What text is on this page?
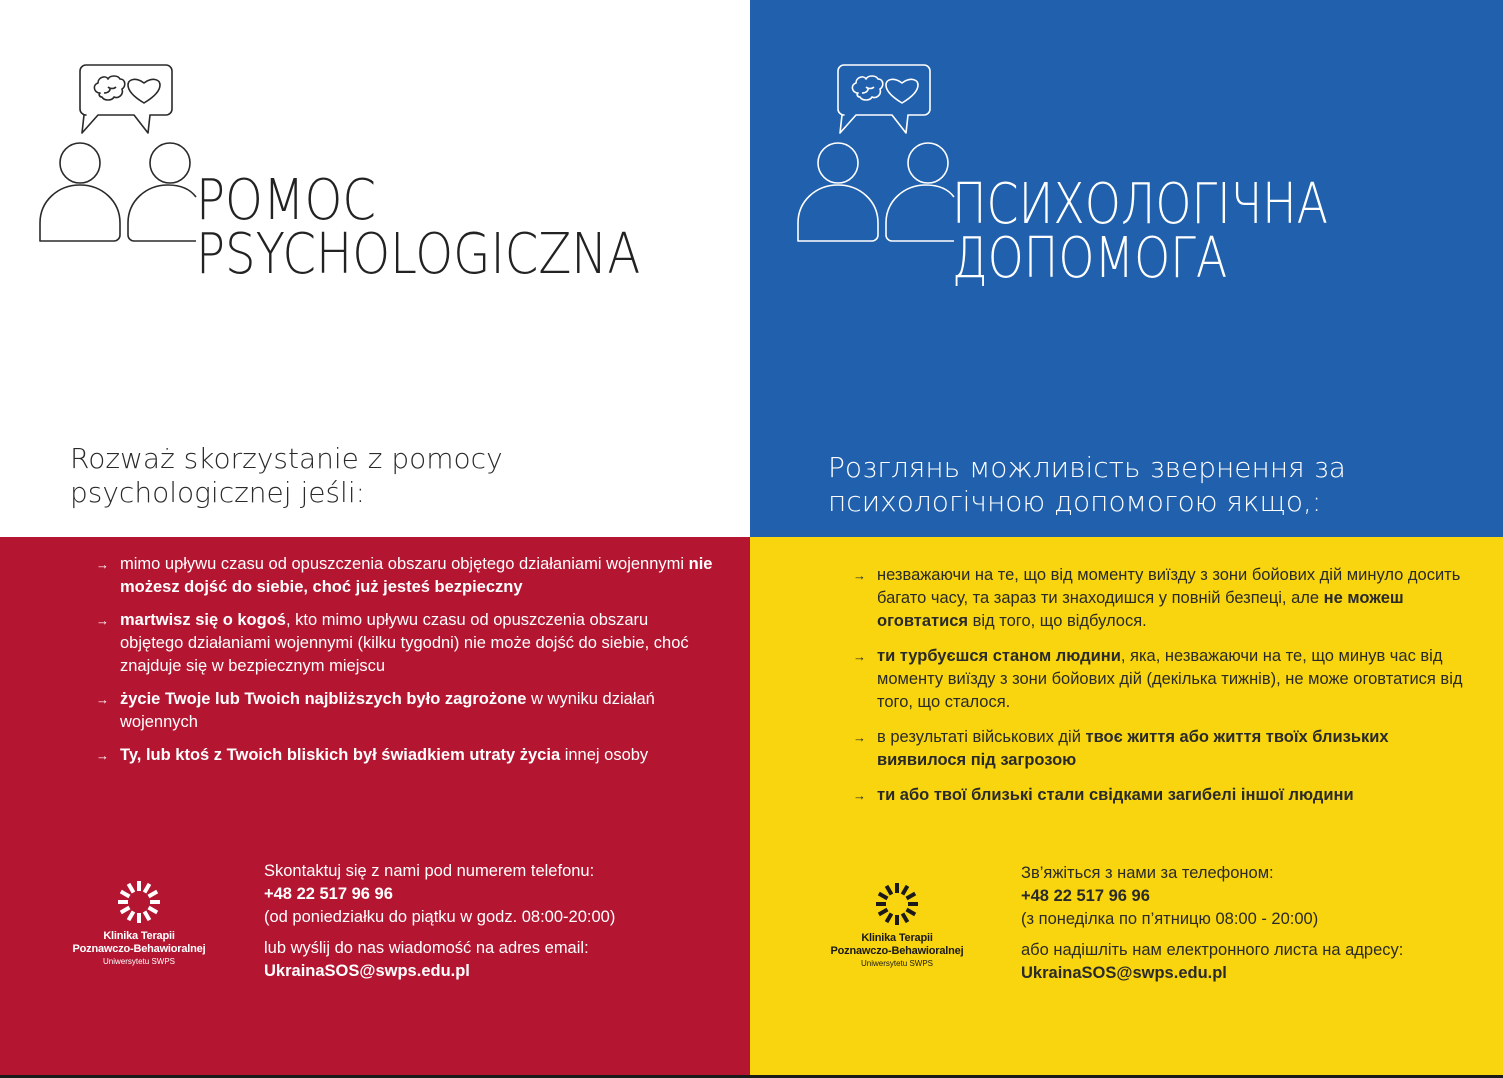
POMOC
PSYCHOLOGICZNA
Rozważ skorzystanie z pomocy psychologicznej jeśli:
ПСИХОЛОГІЧНА
ДОПОМОГА
Розглянь можливість звернення за психологічною допомогою якщо,:
→ mimo upływu czasu od opuszczenia obszaru objętego działaniami wojennymi nie możesz dojść do siebie, choć już jesteś bezpieczny
→ martwisz się o kogoś, kto mimo upływu czasu od opuszczenia obszaru objętego działaniami wojennymi (kilku tygodni) nie może dojść do siebie, choć znajduje się w bezpiecznym miejscu
→ życie Twoje lub Twoich najbliższych było zagrożone w wyniku działań wojennych
→ Ty, lub ktoś z Twoich bliskich był świadkiem utraty życia innej osoby
Klinika Terapii
Poznawczo-Behawioralnej
Uniwersytetu SWPS
Skontaktuj się z nami pod numerem telefonu:
+48 22 517 96 96
(od poniedziałku do piątku w godz. 08:00-20:00)
lub wyślij do nas wiadomość na adres email:
UkrainaSOS@swps.edu.pl
→ незважаючи на те, що від моменту виїзду з зони бойових дій минуло досить багато часу, та зараз ти знаходишся у повній безпеці, але не можеш оговтатися від того, що відбулося.
→ ти турбуєшся станом людини, яка, незважаючи на те, що минув час від моменту виїзду з зони бойових дій (декілька тижнів), не може оговтатися від того, що сталося.
→ в результаті військових дій твоє життя або життя твоїх близьких виявилося під загрозою
→ ти або твої близькі стали свідками загибелі іншої людини
Klinika Terapii
Poznawczo-Behawioralnej
Uniwersytetu SWPS
Зв’яжіться з нами за телефоном:
+48 22 517 96 96
(з понеділка по п’ятницю 08:00 - 20:00)
або надішліть нам електронного листа на адресу:
UkrainaSOS@swps.edu.pl
